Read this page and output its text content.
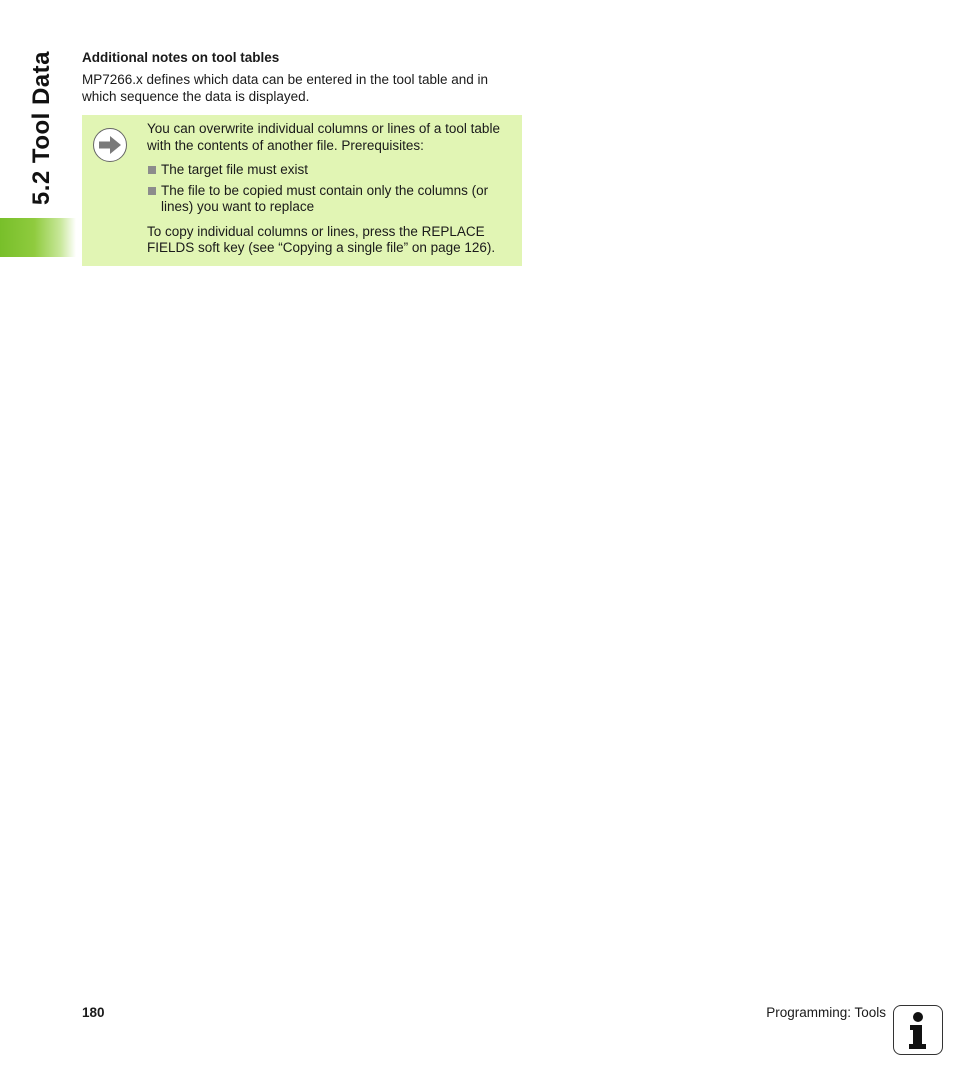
5.2 Tool Data Additional notes on tool tables
MP7266.x defines which data can be entered in the tool table and in which sequence the data is displayed.

You can overwrite individual columns or lines of a tool table with the contents of another file. Prerequisites:

The target file must exist
The file to be copied must contain only the columns (or lines) you want to replace

To copy individual columns or lines, press the REPLACE FIELDS soft key (see “Copying a single file” on page 126).

180	Programming: Tools
